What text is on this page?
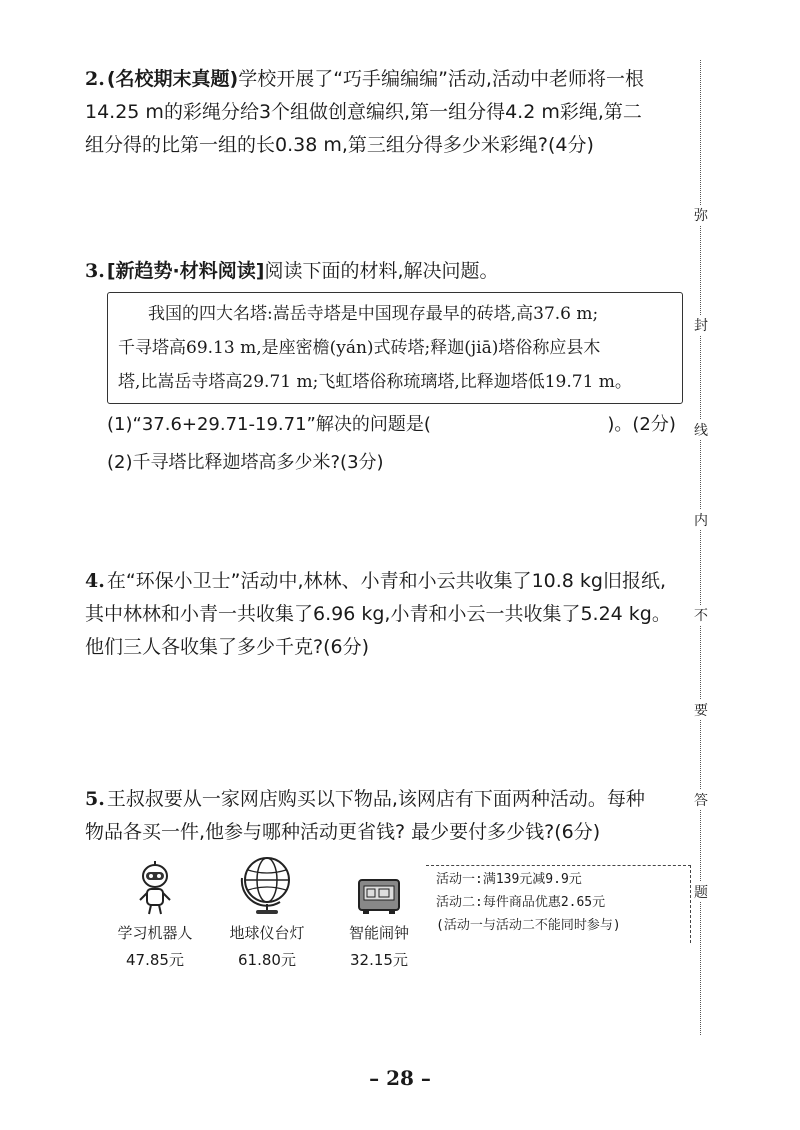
2. (名校期末真题)学校开展了“巧手编编编”活动,活动中老师将一根
14.25 m的彩绳分给3个组做创意编织,第一组分得4.2 m彩绳,第二
组分得的比第一组的长0.38 m,第三组分得多少米彩绳?(4分)
3. [新趋势·材料阅读]阅读下面的材料,解决问题。
我国的四大名塔:嵩岳寺塔是中国现存最早的砖塔,高37.6 m;
千寻塔高69.13 m,是座密檐(yán)式砖塔;释迦(jiā)塔俗称应县木
塔,比嵩岳寺塔高29.71 m;飞虹塔俗称琉璃塔,比释迦塔低19.71 m。
(1)“37.6+29.71-19.71”解决的问题是(	)。(2分)
(2)千寻塔比释迦塔高多少米?(3分)
4. 在“环保小卫士”活动中,林林、小青和小云共收集了10.8 kg旧报纸,
其中林林和小青一共收集了6.96 kg,小青和小云一共收集了5.24 kg。
他们三人各收集了多少千克?(6分)
5. 王叔叔要从一家网店购买以下物品,该网店有下面两种活动。每种
物品各买一件,他参与哪种活动更省钱? 最少要付多少钱?(6分)
学习机器人
47.85元
地球仪台灯
61.80元
智能闹钟
32.15元
活动一:满139元减9.9元
活动二:每件商品优惠2.65元
(活动一与活动二不能同时参与)
弥
封
线
内
不
要
答
题
– 28 –
